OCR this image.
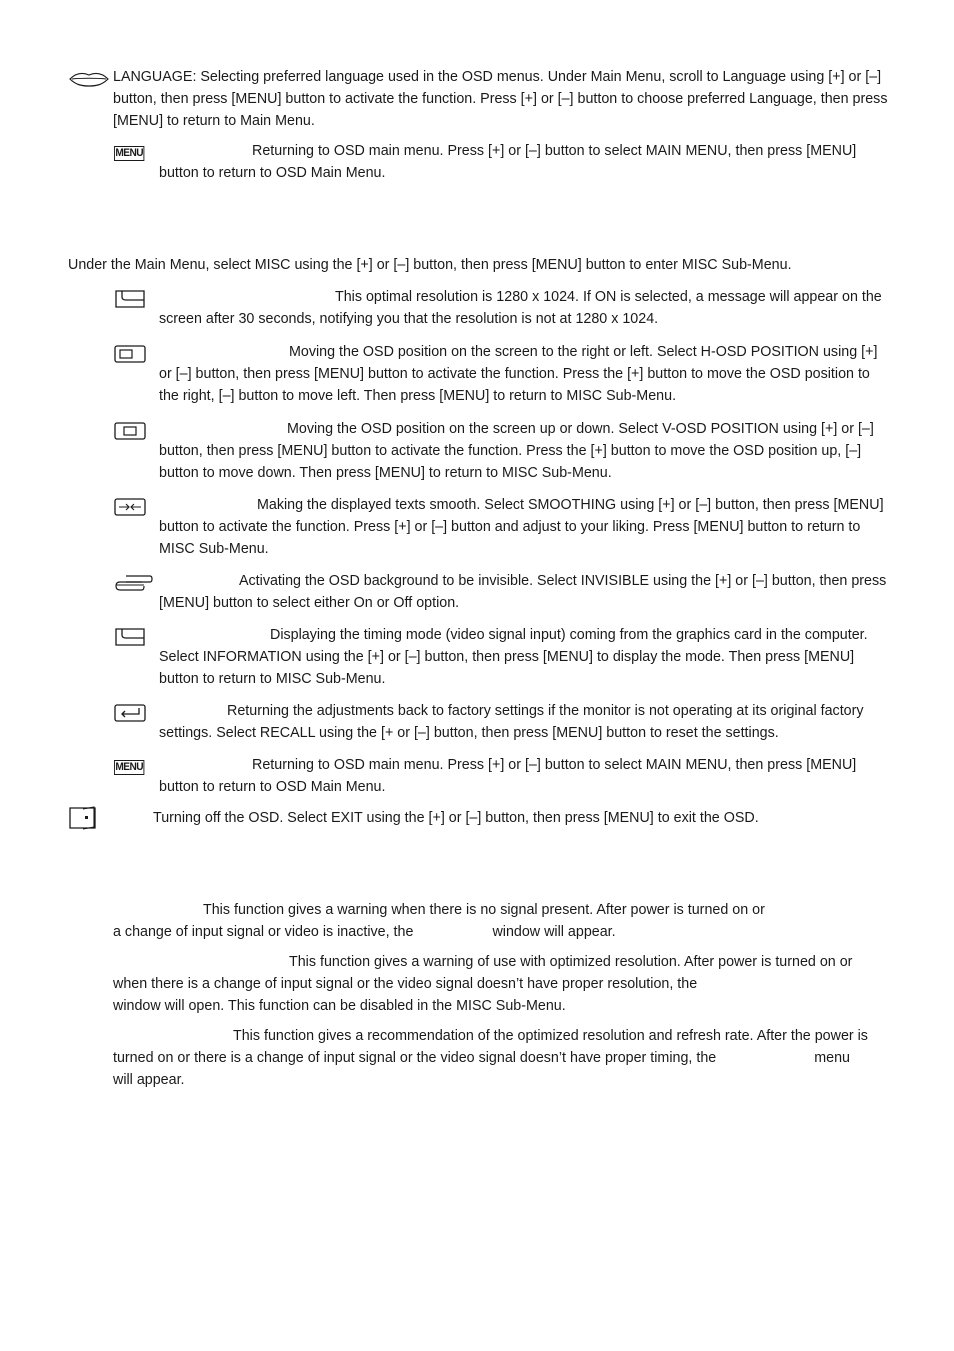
LANGUAGE: Selecting preferred language used in the OSD menus. Under Main Menu, scroll to Language using [+] or [–] button, then press [MENU] button to activate the function. Press [+] or [–] button to choose preferred Language, then press [MENU] to return to Main Menu.

MENU	Returning to OSD main menu. Press [+] or [–] button to select MAIN MENU, then press [MENU] button to return to OSD Main Menu.

Under the Main Menu, select MISC using the [+] or [–] button, then press [MENU] button to enter MISC Sub-Menu.

This optimal resolution is 1280 x 1024. If ON is selected, a message will appear on the screen after 30 seconds, notifying you that the resolution is not at 1280 x 1024.

Moving the OSD position on the screen to the right or left. Select H-OSD POSITION using [+] or [–] button, then press [MENU] button to activate the function. Press the [+] button to move the OSD position to the right, [–] button to move left. Then press [MENU] to return to MISC Sub-Menu.

Moving the OSD position on the screen up or down. Select V-OSD POSITION using [+] or [–] button, then press [MENU] button to activate the function. Press the [+] button to move the OSD position up, [–] button to move down. Then press [MENU] to return to MISC Sub-Menu.

Making the displayed texts smooth. Select SMOOTHING using [+] or [–] button, then press [MENU] button to activate the function. Press [+] or [–] button and adjust to your liking. Press [MENU] button to return to MISC Sub-Menu.

Activating the OSD background to be invisible. Select INVISIBLE using the [+] or [–] button, then press [MENU] button to select either On or Off option.

Displaying the timing mode (video signal input) coming from the graphics card in the computer. Select INFORMATION using the [+] or [–] button, then press [MENU] to display the mode. Then press [MENU] button to return to MISC Sub-Menu.

Returning the adjustments back to factory settings if the monitor is not operating at its original factory settings. Select RECALL using the [+ or [–] button, then press [MENU] button to reset the settings.

MENU	Returning to OSD main menu. Press [+] or [–] button to select MAIN MENU, then press [MENU] button to return to OSD Main Menu.

Turning off the OSD. Select EXIT using the [+] or [–] button, then press [MENU] to exit the OSD.

This function gives a warning when there is no signal present. After power is turned on or

a change of input signal or video is inactive, the	window will appear.

This function gives a warning of use with optimized resolution. After power is turned on or

when there is a change of input signal or the video signal doesn’t have proper resolution, the

window will open. This function can be disabled in the MISC Sub-Menu.

This function gives a recommendation of the optimized resolution and refresh rate. After the power is

turned on or there is a change of input signal or the video signal doesn’t have proper timing, the	menu

will appear.
